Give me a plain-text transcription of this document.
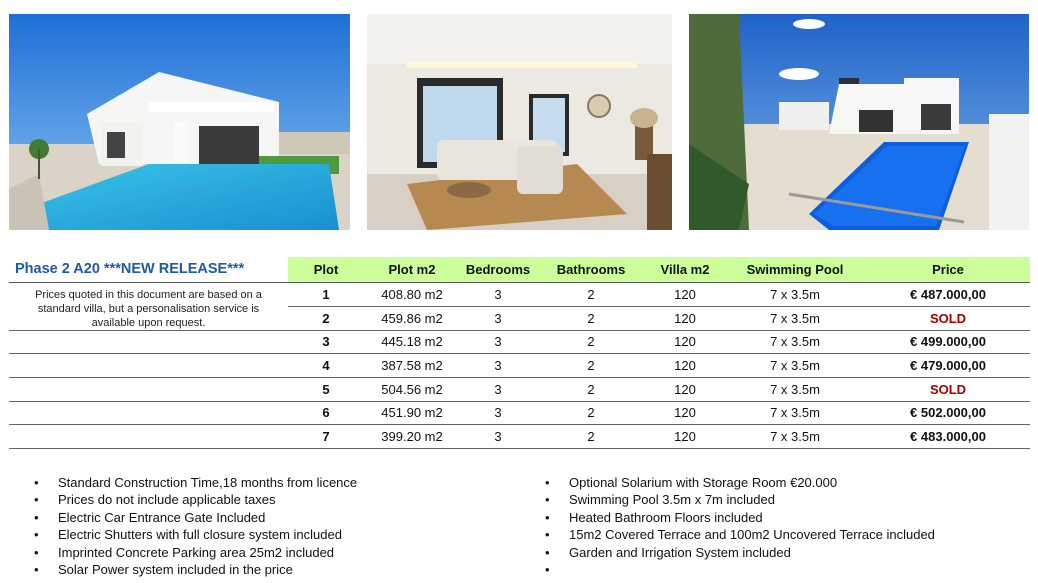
Phase 2 A20 ***NEW RELEASE***	Plot	Plot m2	Bedrooms	Bathrooms	Villa m2	Swimming Pool	Price
Prices quoted in this document are based on a standard villa, but a personalisation service is available upon request.	1	408.80 m2	3	2	120	7 x 3.5m	€ 487.000,00
	2	459.86 m2	3	2	120	7 x 3.5m	SOLD
	3	445.18 m2	3	2	120	7 x 3.5m	€ 499.000,00
	4	387.58 m2	3	2	120	7 x 3.5m	€ 479.000,00
	5	504.56 m2	3	2	120	7 x 3.5m	SOLD
	6	451.90 m2	3	2	120	7 x 3.5m	€ 502.000,00
	7	399.20 m2	3	2	120	7 x 3.5m	€ 483.000,00
• Standard Construction Time,18 months from licence
• Prices do not include applicable taxes
• Electric Car Entrance Gate Included
• Electric Shutters with full closure system included
• Imprinted Concrete Parking area 25m2 included
• Solar Power system included in the price
• Optional Solarium with Storage Room €20.000
• Swimming Pool 3.5m x 7m included
• Heated Bathroom Floors included
• 15m2 Covered Terrace and 100m2 Uncovered Terrace included
• Garden and Irrigation System included
